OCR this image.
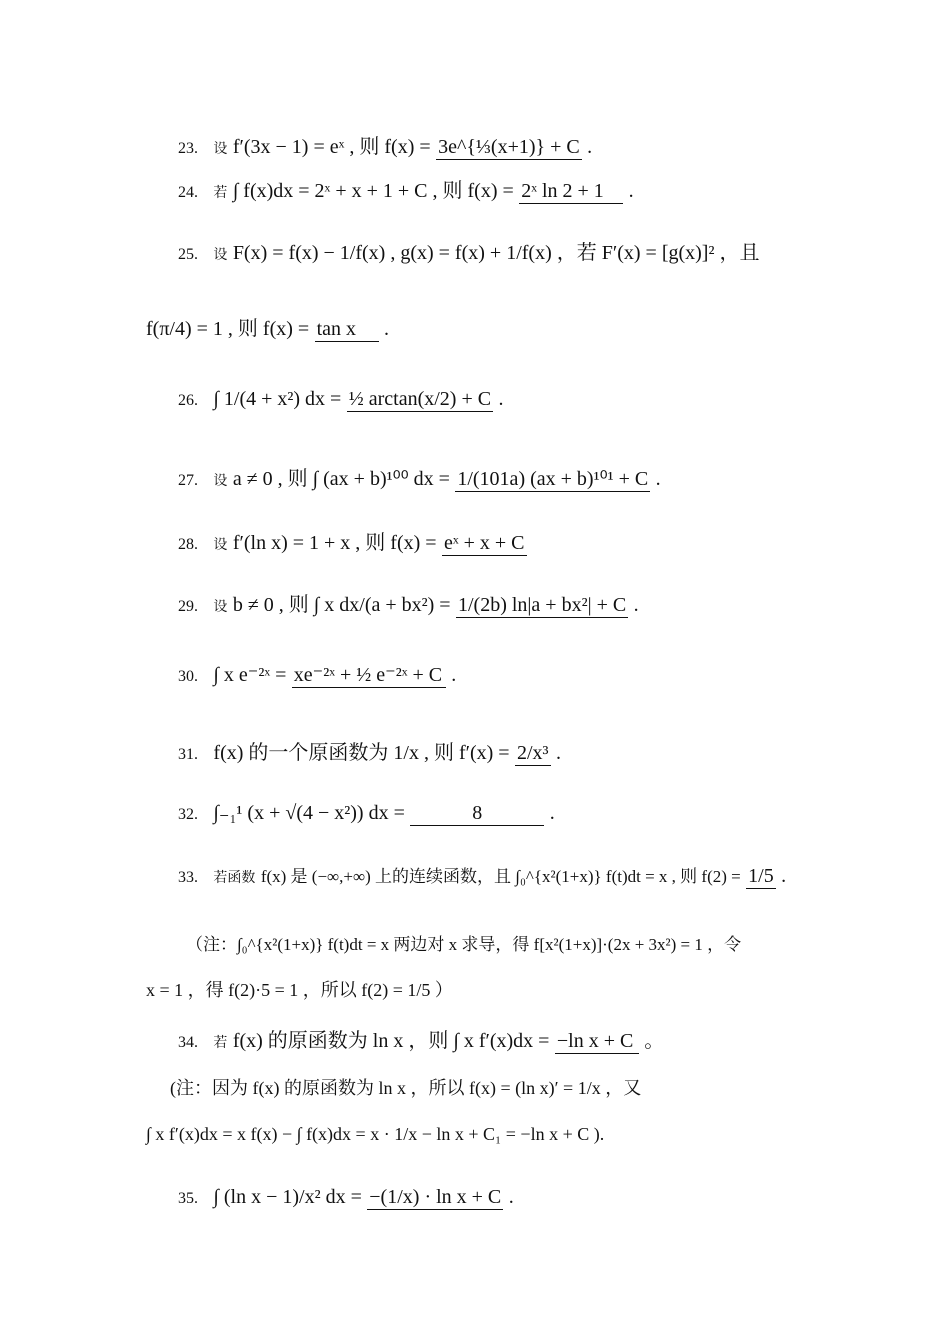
23. 设 f′(3x − 1) = eˣ , 则 f(x) = 3e^{⅓(x+1)} + C .
24. 若 ∫ f(x)dx = 2ˣ + x + 1 + C , 则 f(x) = 2ˣ ln 2 + 1 .
25. 设 F(x) = f(x) − 1/f(x) , g(x) = f(x) + 1/f(x) ，若 F′(x) = [g(x)]² ，且
f(π/4) = 1 , 则 f(x) = tan x .
26. ∫ 1/(4 + x²) dx = ½ arctan(x/2) + C .
27. 设 a ≠ 0 , 则 ∫ (ax + b)¹⁰⁰ dx = 1/(101a) (ax + b)¹⁰¹ + C .
28. 设 f′(ln x) = 1 + x , 则 f(x) = eˣ + x + C
29. 设 b ≠ 0 , 则 ∫ x dx/(a + bx²) = 1/(2b) ln|a + bx²| + C .
30. ∫ x e⁻²ˣ = xe⁻²ˣ + ½ e⁻²ˣ + C .
31. f(x) 的一个原函数为 1/x , 则 f′(x) = 2/x³ .
32. ∫₋₁¹ (x + √(4 − x²)) dx =	8	.
33. 若函数 f(x) 是 (−∞,+∞) 上的连续函数，且 ∫₀^{x²(1+x)} f(t)dt = x , 则 f(2) = 1/5 .
（注：∫₀^{x²(1+x)} f(t)dt = x 两边对 x 求导，得 f[x²(1+x)]·(2x + 3x²) = 1 ，令
x = 1 ，得 f(2)·5 = 1 ，所以 f(2) = 1/5 ）
34. 若 f(x) 的原函数为 ln x ，则 ∫ x f′(x)dx = −ln x + C 。
(注：因为 f(x) 的原函数为 ln x ，所以 f(x) = (ln x)′ = 1/x ，又
∫ x f′(x)dx = x f(x) − ∫ f(x)dx = x · 1/x − ln x + C₁ = −ln x + C ).
35. ∫ (ln x − 1)/x² dx = −(1/x) · ln x + C .
